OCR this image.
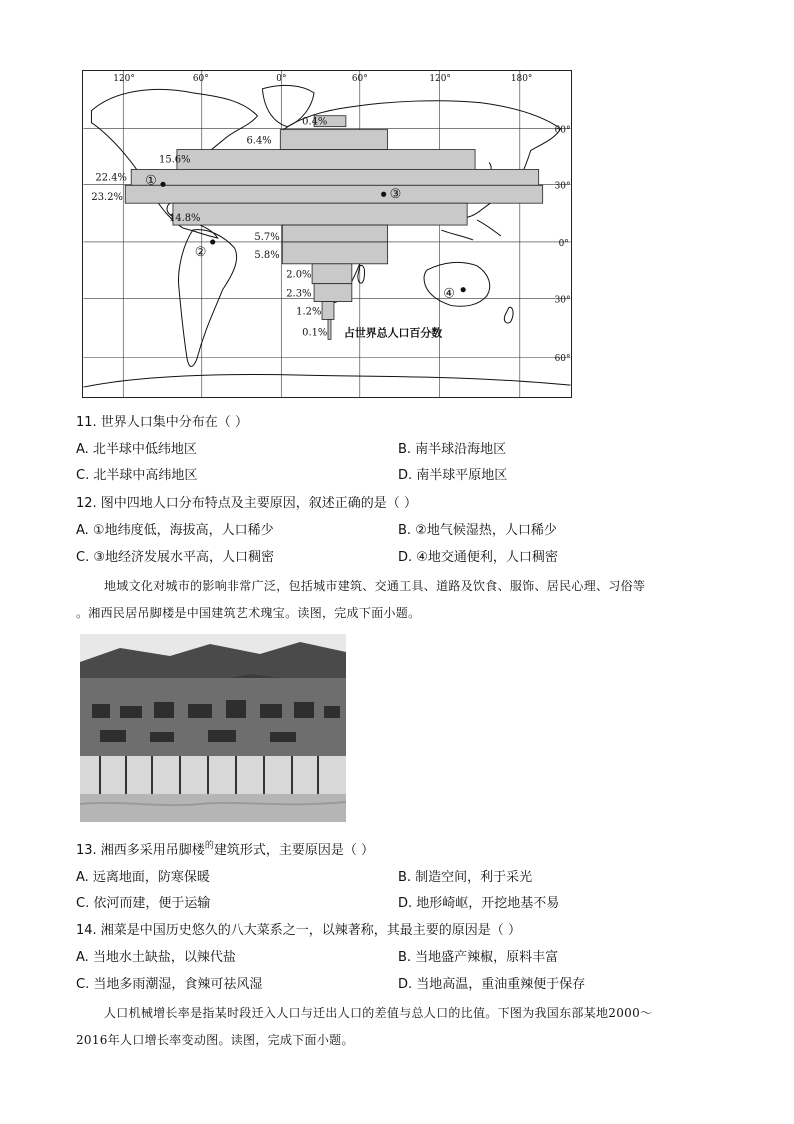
120°	60°	0°	60°	120°	180°
60°
30°
0°
30°
60°
0.4%
6.4%
15.6%
22.4%
23.2%
14.8%
5.7%
5.8%
2.0%
2.3%
1.2%
0.1% 占世界总人口百分数
①
②
③
④
11. 世界人口集中分布在（ ）
A. 北半球中低纬地区	B. 南半球沿海地区
C. 北半球中高纬地区	D. 南半球平原地区
12. 图中四地人口分布特点及主要原因，叙述正确的是（ ）
A. ①地纬度低，海拔高，人口稀少	B. ②地气候湿热，人口稀少
C. ③地经济发展水平高，人口稠密	D. ④地交通便利，人口稠密
地域文化对城市的影响非常广泛，包括城市建筑、交通工具、道路及饮食、服饰、居民心理、习俗等
。湘西民居吊脚楼是中国建筑艺术瑰宝。读图，完成下面小题。
13. 湘西多采用吊脚楼$^的$建筑形式，主要原因是（ ）
A. 远离地面，防寒保暖	B. 制造空间，利于采光
C. 依河而建，便于运输	D. 地形崎岖，开挖地基不易
14. 湘菜是中国历史悠久的八大菜系之一，以辣著称，其最主要的原因是（ ）
A. 当地水土缺盐，以辣代盐	B. 当地盛产辣椒，原料丰富
C. 当地多雨潮湿，食辣可祛风湿	D. 当地高温，重油重辣便于保存
人口机械增长率是指某时段迁入人口与迁出人口的差值与总人口的比值。下图为我国东部某地2000～
2016年人口增长率变动图。读图，完成下面小题。
